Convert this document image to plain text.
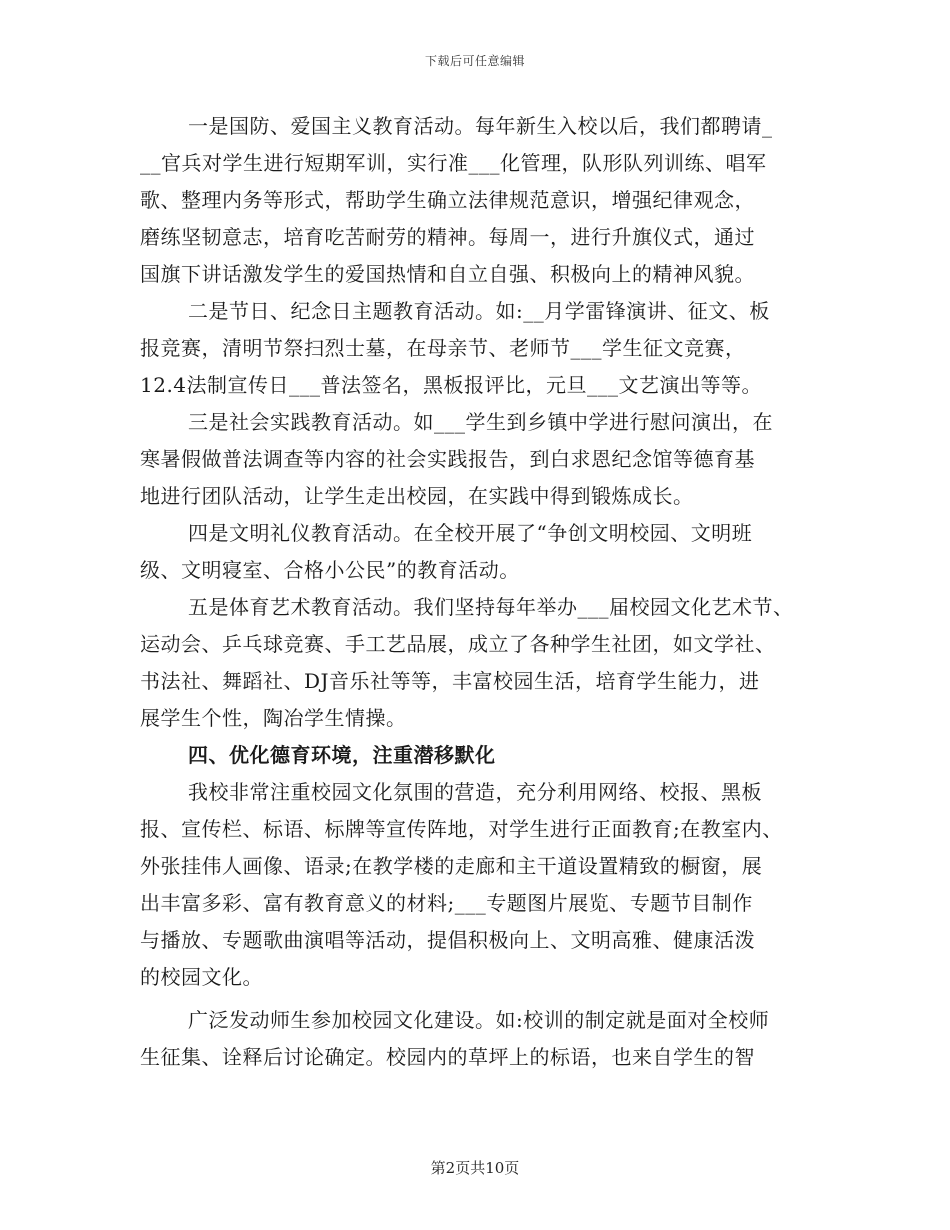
下载后可任意编辑
一是国防、爱国主义教育活动。每年新生入校以后，我们都聘请_
__官兵对学生进行短期军训，实行准___化管理，队形队列训练、唱军
歌、整理内务等形式，帮助学生确立法律规范意识，增强纪律观念，
磨练坚韧意志，培育吃苦耐劳的精神。每周一，进行升旗仪式，通过
国旗下讲话激发学生的爱国热情和自立自强、积极向上的精神风貌。
二是节日、纪念日主题教育活动。如:__月学雷锋演讲、征文、板
报竞赛，清明节祭扫烈士墓，在母亲节、老师节___学生征文竞赛，
12.4法制宣传日___普法签名，黑板报评比，元旦___文艺演出等等。
三是社会实践教育活动。如___学生到乡镇中学进行慰问演出，在
寒暑假做普法调查等内容的社会实践报告，到白求恩纪念馆等德育基
地进行团队活动，让学生走出校园，在实践中得到锻炼成长。
四是文明礼仪教育活动。在全校开展了“争创文明校园、文明班
级、文明寝室、合格小公民”的教育活动。
五是体育艺术教育活动。我们坚持每年举办___届校园文化艺术节、
运动会、乒乓球竞赛、手工艺品展，成立了各种学生社团，如文学社、
书法社、舞蹈社、DJ音乐社等等，丰富校园生活，培育学生能力，进
展学生个性，陶冶学生情操。
四、优化德育环境，注重潜移默化
我校非常注重校园文化氛围的营造，充分利用网络、校报、黑板
报、宣传栏、标语、标牌等宣传阵地，对学生进行正面教育;在教室内、
外张挂伟人画像、语录;在教学楼的走廊和主干道设置精致的橱窗，展
出丰富多彩、富有教育意义的材料;___专题图片展览、专题节目制作
与播放、专题歌曲演唱等活动，提倡积极向上、文明高雅、健康活泼
的校园文化。
广泛发动师生参加校园文化建设。如:校训的制定就是面对全校师
生征集、诠释后讨论确定。校园内的草坪上的标语，也来自学生的智
第2页共10页
